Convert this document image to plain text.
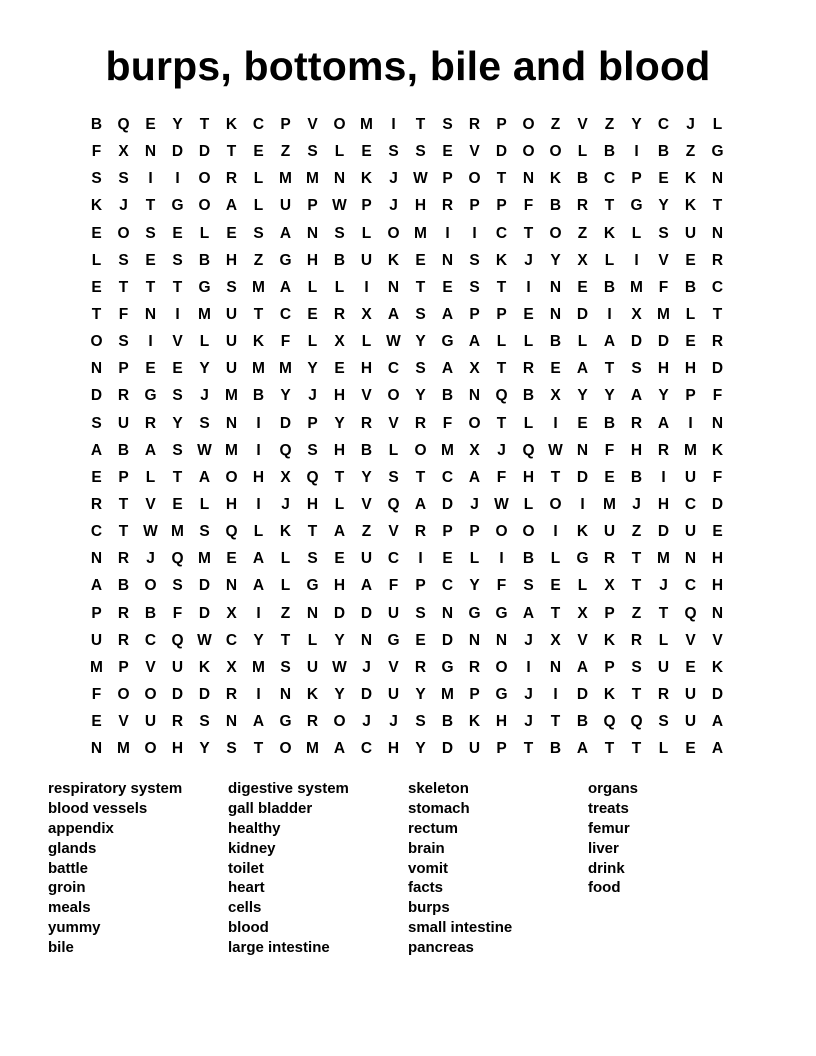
burps, bottoms, bile and blood
B Q	E	Y	T	K	C	P	V	O M	I	T	S	R	P	O	Z	V	Z	Y	C	J	L
F	X	N	D	D	T	E	Z	S	L	E	S	S	E	V	D O O	L	B	I	B	Z	G
S	S	I	I	O R	L	M M N	K	J W P	O	T	N	K	B	C	P	E	K	N
K	J	T	G O A	L	U	P W P	J	H	R	P	P	F	B	R	T	G	Y	K	T
E	O	S	E	L	E	S	A	N	S	L	O M	I	I	C	T	O	Z	K	L	S	U	N
L	S	E	S	B	H	Z	G H	B	U	K	E	N	S	K	J	Y	X	L	I	V	E	R
E	T	T	T	G	S M A	L	L	I	N	T	E	S	T	I	N	E	B M	F	B	C
T	F	N	I	M U	T	C	E	R	X	A	S	A	P	P	E	N	D	I	X M	L	T
O	S	I	V	L	U	K	F	L	X	L W Y	G A	L	L	B	L	A	D	D	E	R
N	P	E	E	Y	U M M Y	E	H	C	S	A	X	T	R	E	A	T	S	H	H	D
D	R G	S	J	M B	Y	J	H	V	O	Y	B	N Q B	X	Y	Y	A	Y	P	F
S	U	R	Y	S	N	I	D	P	Y	R	V	R	F	O	T	L	I	E	B	R	A	I	N
A	B	A	S W M	I	Q	S	H	B	L	O M X	J	Q W N	F	H	R M K
E	P	L	T	A O H	X	Q	T	Y	S	T	C	A	F	H	T	D	E	B	I	U	F
R	T	V	E	L	H	I	J	H	L	V	Q A	D	J W L	O	I	M	J	H	C	D
C	T W M S	Q	L	K	T	A	Z	V	R	P	P	O O	I	K	U	Z	D	U	E
N	R	J	Q M E	A	L	S	E	U	C	I	E	L	I	B	L	G R	T	M N	H
A	B O	S	D	N	A	L	G H	A	F	P	C	Y	F	S	E	L	X	T	J	C	H
P	R	B	F	D	X	I	Z	N	D	D	U	S	N G G A	T	X	P	Z	T	Q N
U	R	C Q W C	Y	T	L	Y	N G	E	D	N	N	J	X	V	K	R	L	V	V
M P	V	U	K	X M S	U W J	V	R G R O	I	N	A	P	S	U	E	K
F	O O D	D	R	I	N	K	Y	D	U	Y M P	G	J	I	D	K	T	R	U	D
E	V	U	R	S	N	A G R O	J	J	S	B	K	H	J	T	B Q Q	S	U	A
N M O H	Y	S	T	O M A	C	H	Y	D	U	P	T	B	A	T	T	L	E	A
respiratory system
blood vessels
appendix
glands
battle
groin
meals
yummy
bile
digestive system
gall bladder
healthy
kidney
toilet
heart
cells
blood
large intestine
skeleton
stomach
rectum
brain
vomit
facts
burps
small intestine
pancreas
organs
treats
femur
liver
drink
food
